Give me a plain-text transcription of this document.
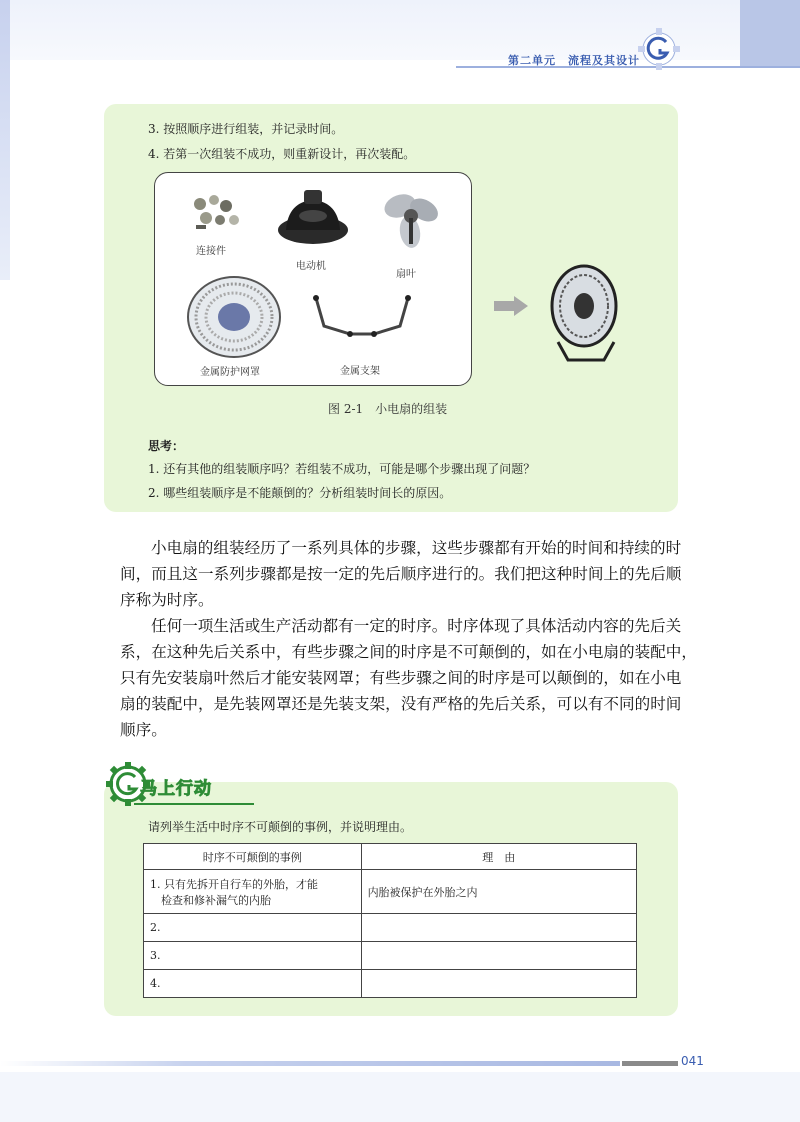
第二单元　流程及其设计
3. 按照顺序进行组装，并记录时间。
4. 若第一次组装不成功，则重新设计，再次装配。
连接件
电动机
扇叶
金属防护网罩	金属支架
图 2-1　小电扇的组装
思考：
1. 还有其他的组装顺序吗？若组装不成功，可能是哪个步骤出现了问题？
2. 哪些组装顺序是不能颠倒的？分析组装时间长的原因。
小电扇的组装经历了一系列具体的步骤，这些步骤都有开始的时间和持续的时
间，而且这一系列步骤都是按一定的先后顺序进行的。我们把这种时间上的先后顺
序称为时序。
任何一项生活或生产活动都有一定的时序。时序体现了具体活动内容的先后关
系，在这种先后关系中，有些步骤之间的时序是不可颠倒的，如在小电扇的装配中，
只有先安装扇叶然后才能安装网罩；有些步骤之间的时序是可以颠倒的，如在小电
扇的装配中，是先装网罩还是先装支架，没有严格的先后关系，可以有不同的时间
顺序。
马上行动
请列举生活中时序不可颠倒的事例，并说明理由。
时序不可颠倒的事例	理　由

1. 只有先拆开自行车的外胎，才能
检查和修补漏气的内胎	内胎被保护在外胎之内
2.	
3.	
4.	
041
